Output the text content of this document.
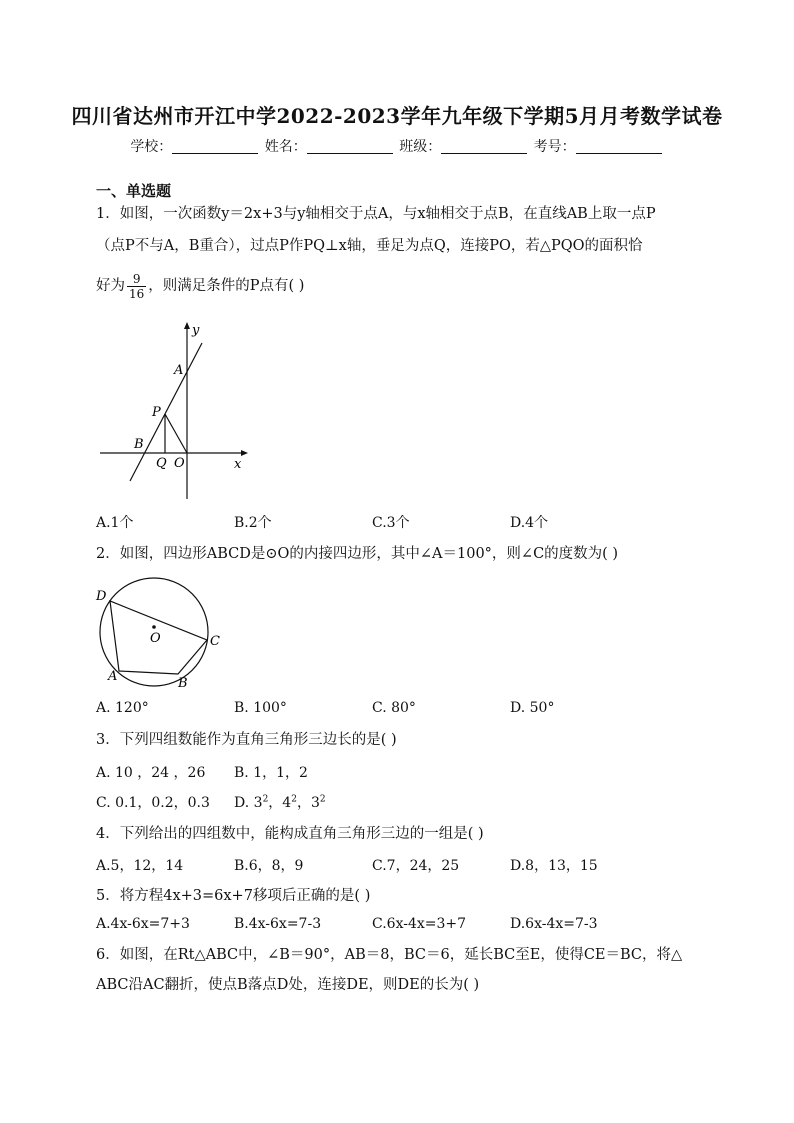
四川省达州市开江中学2022-2023学年九年级下学期5月月考数学试卷
学校：	姓名：	班级：	考号：
一、单选题
1．如图，一次函数y＝2x+3与y轴相交于点A，与x轴相交于点B，在直线AB上取一点P
（点P不与A，B重合），过点P作PQ⊥x轴，垂足为点Q，连接PO，若△PQO的面积恰
好为 $\frac{9}{16}$ ，则满足条件的P点有( )
y
x
A
P
B
Q O
A.1个	B.2个	C.3个	D.4个
2．如图，四边形ABCD是⊙O的内接四边形，其中∠A＝100°，则∠C的度数为( )
D
O	C
A	B
A. 120°	B. 100°	C. 80°	D. 50°
3．下列四组数能作为直角三角形三边长的是( )
A. 10 ，24 ，26 B. 1，1，2
C. 0.1，0.2，0.3 D. $3^2$，$4^2$，$3^2$
4．下列给出的四组数中，能构成直角三角形三边的一组是( )
A.5，12，14	B.6，8，9	C.7，24，25	D.8，13，15
5．将方程4x+3=6x+7移项后正确的是( )
A.4x-6x=7+3	B.4x-6x=7-3	C.6x-4x=3+7	D.6x-4x=7-3
6．如图，在Rt△ABC中，∠B＝90°，AB＝8，BC＝6，延长BC至E，使得CE＝BC，将△
ABC沿AC翻折，使点B落点D处，连接DE，则DE的长为( )
